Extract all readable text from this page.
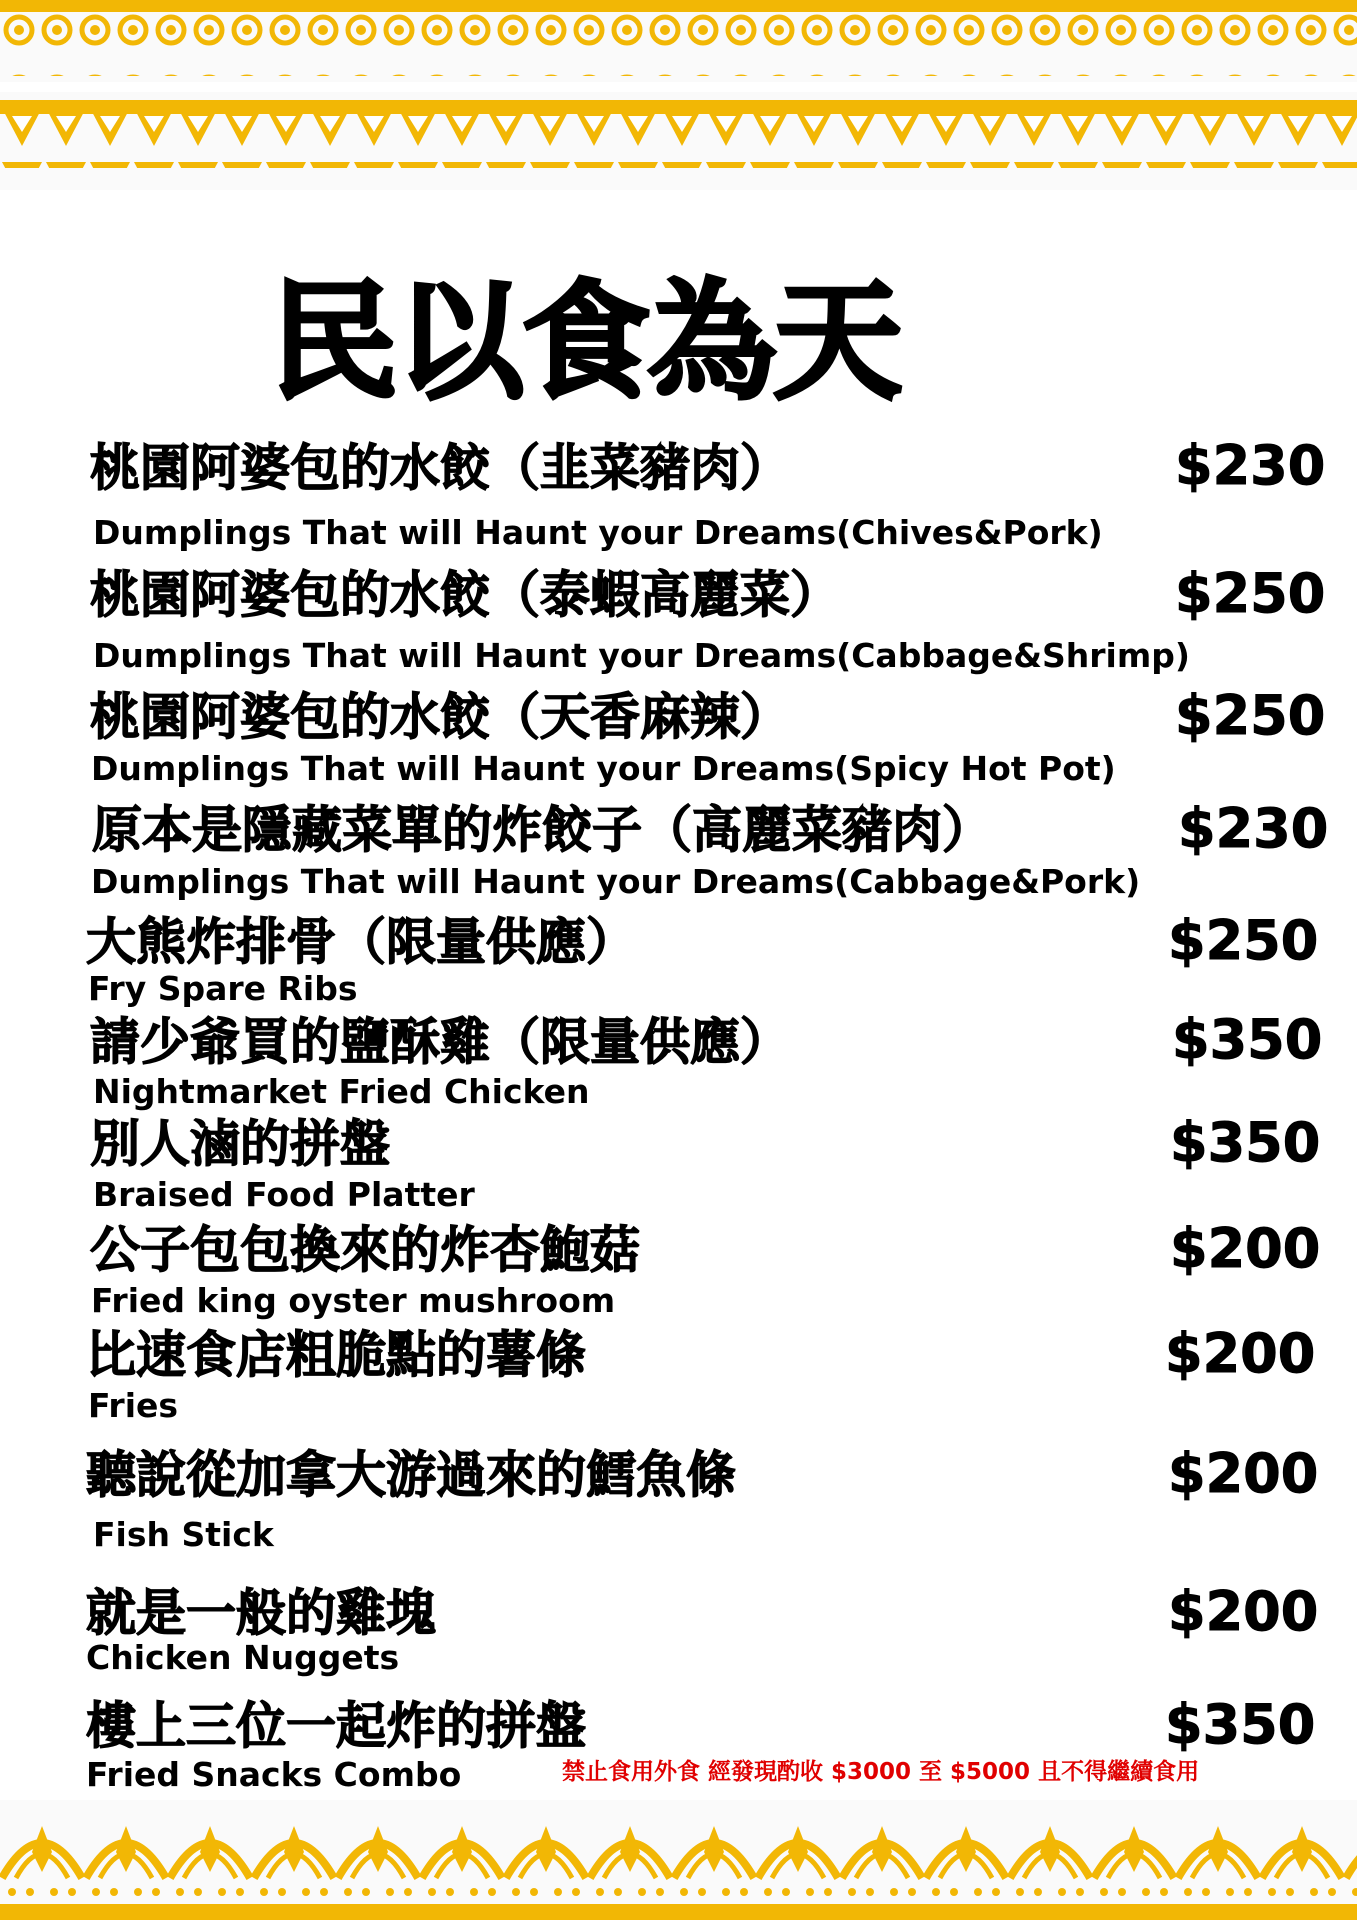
民以食為天
桃園阿婆包的水餃（韭菜豬肉）	$230
Dumplings That will Haunt your Dreams(Chives&Pork)
桃園阿婆包的水餃（泰蝦高麗菜）	$250
Dumplings That will Haunt your Dreams(Cabbage&Shrimp)
桃園阿婆包的水餃（天香麻辣）	$250
Dumplings That will Haunt your Dreams(Spicy Hot Pot)
原本是隱藏菜單的炸餃子（高麗菜豬肉）	$230
Dumplings That will Haunt your Dreams(Cabbage&Pork)
大熊炸排骨（限量供應）	$250
Fry Spare Ribs
請少爺買的鹽酥雞（限量供應）	$350
Nightmarket Fried Chicken
別人滷的拼盤	$350
Braised Food Platter
公子包包換來的炸杏鮑菇	$200
Fried king oyster mushroom
比速食店粗脆點的薯條	$200
Fries
聽說從加拿大游過來的鱈魚條	$200
Fish Stick
就是一般的雞塊	$200
Chicken Nuggets
樓上三位一起炸的拼盤	$350
Fried Snacks Combo	禁止食用外食 經發現酌收 $3000 至 $5000 且不得繼續食用
